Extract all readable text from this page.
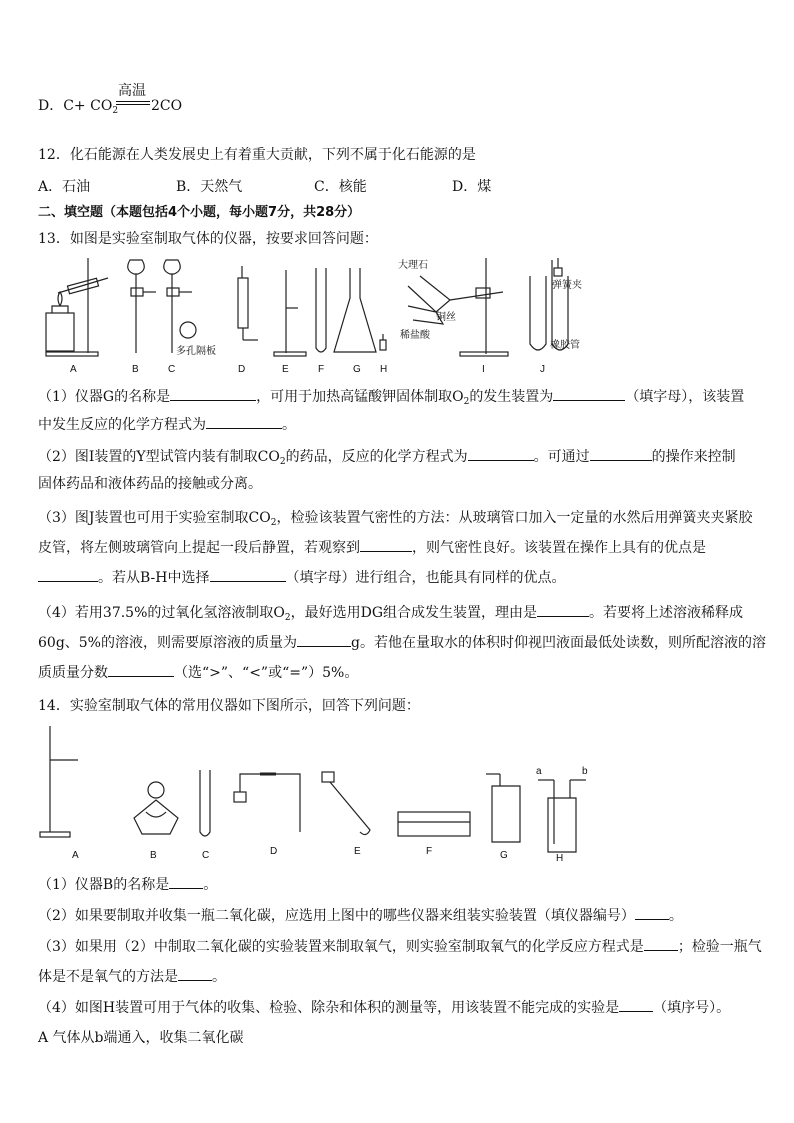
D．$C+ CO_2$
高温
2CO
12．化石能源在人类发展史上有着重大贡献，下列不属于化石能源的是
A．石油	B．天然气	C．核能	D．煤
二、填空题（本题包括4个小题，每小题7分，共28分）
13．如图是实验室制取气体的仪器，按要求回答问题：
A	B	C	D	E	F	G H	I	J
多孔隔板
大理石
铜丝
稀盐酸
弹簧夹
橡胶管
（1）仪器G的名称是	，可用于加热高锰酸钾固体制取$O_2$的发生装置为	（填字母），该装置
中发生反应的化学方程式为	。
（2）图Ⅰ装置的Y型试管内装有制取$CO_2$的药品，反应的化学方程式为	。可通过	的操作来控制
固体药品和液体药品的接触或分离。
（3）图J装置也可用于实验室制取$CO_2$，检验该装置气密性的方法：从玻璃管口加入一定量的水然后用弹簧夹夹紧胶
皮管，将左侧玻璃管向上提起一段后静置，若观察到	，则气密性良好。该装置在操作上具有的优点是
。若从B-H中选择	（填字母）进行组合，也能具有同样的优点。
（4）若用37.5%的过氧化氢溶液制取$O_2$，最好选用DG组合成发生装置，理由是	。若要将上述溶液稀释成
60g、5%的溶液，则需要原溶液的质量为	g。若他在量取水的体积时仰视凹液面最低处读数，则所配溶液的溶
质质量分数	（选“>”、“<”或“=”）5%。
14．实验室制取气体的常用仪器如下图所示，回答下列问题：
A	B	C	D	E	F	G	H
a	b
（1）仪器B的名称是 。
（2）如果要制取并收集一瓶二氧化碳，应选用上图中的哪些仪器来组装实验装置（填仪器编号） 。
（3）如果用（2）中制取二氧化碳的实验装置来制取氧气，则实验室制取氧气的化学反应方程式是 ；检验一瓶气
体是不是氧气的方法是 。
（4）如图H装置可用于气体的收集、检验、除杂和体积的测量等，用该装置不能完成的实验是 （填序号）。
A 气体从b端通入，收集二氧化碳
